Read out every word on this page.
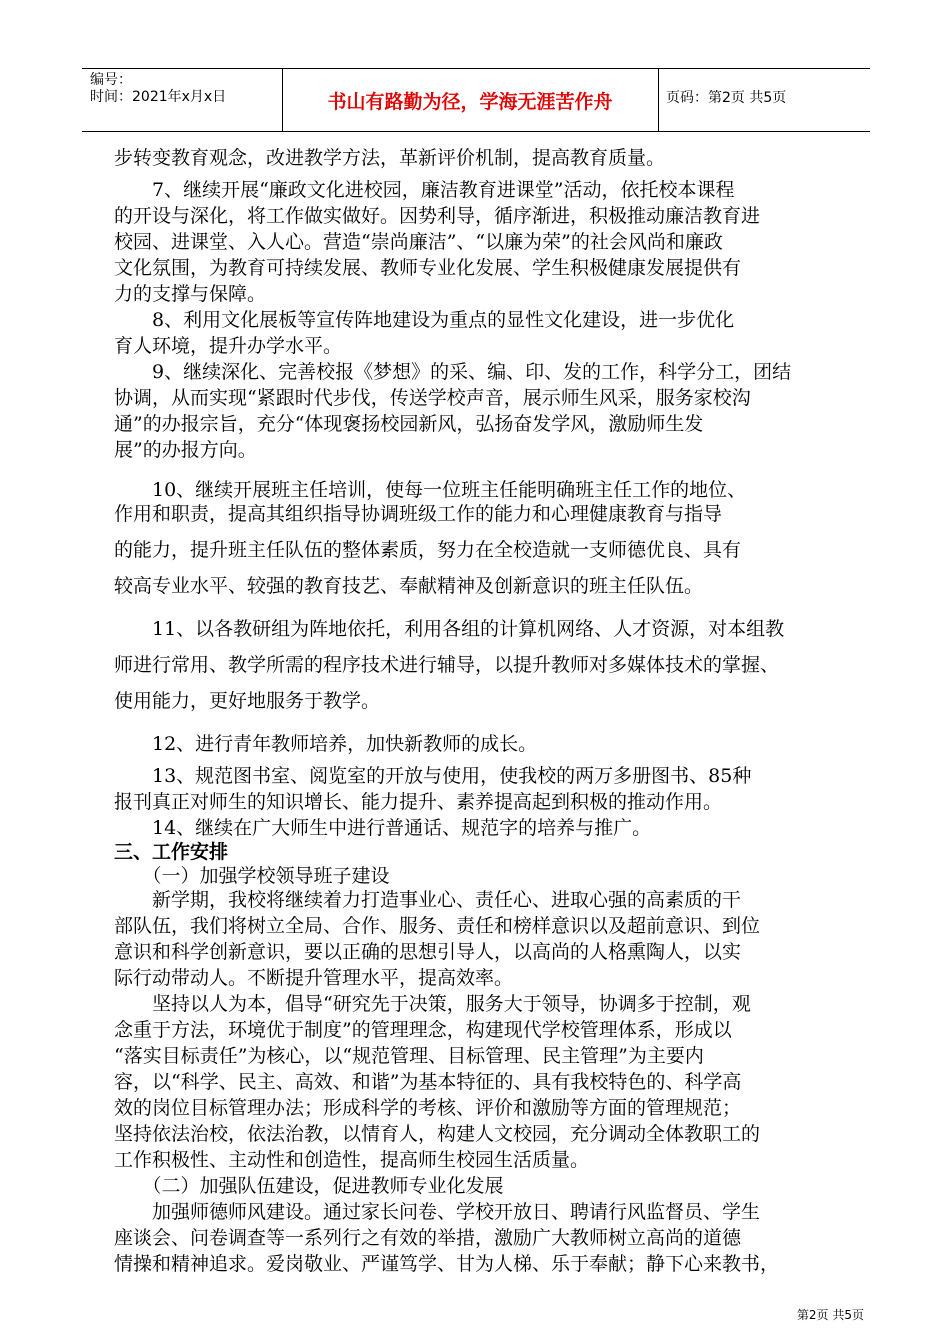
编号：
时间：2021年x月x日	书山有路勤为径，学海无涯苦作舟	页码：第2页 共5页
步转变教育观念，改进教学方法，革新评价机制，提高教育质量。
　　7、继续开展“廉政文化进校园，廉洁教育进课堂”活动，依托校本课程
的开设与深化，将工作做实做好。因势利导，循序渐进，积极推动廉洁教育进
校园、进课堂、入人心。营造“崇尚廉洁”、“以廉为荣”的社会风尚和廉政
文化氛围，为教育可持续发展、教师专业化发展、学生积极健康发展提供有
力的支撑与保障。
　　8、利用文化展板等宣传阵地建设为重点的显性文化建设，进一步优化
育人环境，提升办学水平。
　　9、继续深化、完善校报《梦想》的采、编、印、发的工作，科学分工，团结
协调，从而实现“紧跟时代步伐，传送学校声音，展示师生风采，服务家校沟
通”的办报宗旨，充分“体现褒扬校园新风，弘扬奋发学风，激励师生发
展”的办报方向。
　　10、继续开展班主任培训，使每一位班主任能明确班主任工作的地位、
作用和职责，提高其组织指导协调班级工作的能力和心理健康教育与指导
的能力，提升班主任队伍的整体素质，努力在全校造就一支师德优良、具有
较高专业水平、较强的教育技艺、奉献精神及创新意识的班主任队伍。
　　11、以各教研组为阵地依托，利用各组的计算机网络、人才资源，对本组教
师进行常用、教学所需的程序技术进行辅导，以提升教师对多媒体技术的掌握、
使用能力，更好地服务于教学。
　　12、进行青年教师培养，加快新教师的成长。
　　13、规范图书室、阅览室的开放与使用，使我校的两万多册图书、85种
报刊真正对师生的知识增长、能力提升、素养提高起到积极的推动作用。
　　14、继续在广大师生中进行普通话、规范字的培养与推广。
三、工作安排
　　（一）加强学校领导班子建设
　　新学期，我校将继续着力打造事业心、责任心、进取心强的高素质的干
部队伍，我们将树立全局、合作、服务、责任和榜样意识以及超前意识、到位
意识和科学创新意识，要以正确的思想引导人，以高尚的人格熏陶人，以实
际行动带动人。不断提升管理水平，提高效率。
　　坚持以人为本，倡导“研究先于决策，服务大于领导，协调多于控制，观
念重于方法，环境优于制度”的管理理念，构建现代学校管理体系，形成以
“落实目标责任”为核心，以“规范管理、目标管理、民主管理”为主要内
容，以“科学、民主、高效、和谐”为基本特征的、具有我校特色的、科学高
效的岗位目标管理办法；形成科学的考核、评价和激励等方面的管理规范；
坚持依法治校，依法治教，以情育人，构建人文校园，充分调动全体教职工的
工作积极性、主动性和创造性，提高师生校园生活质量。
　　（二）加强队伍建设，促进教师专业化发展
　　加强师德师风建设。通过家长问卷、学校开放日、聘请行风监督员、学生
座谈会、问卷调查等一系列行之有效的举措，激励广大教师树立高尚的道德
情操和精神追求。爱岗敬业、严谨笃学、甘为人梯、乐于奉献；静下心来教书，
第2页 共5页
